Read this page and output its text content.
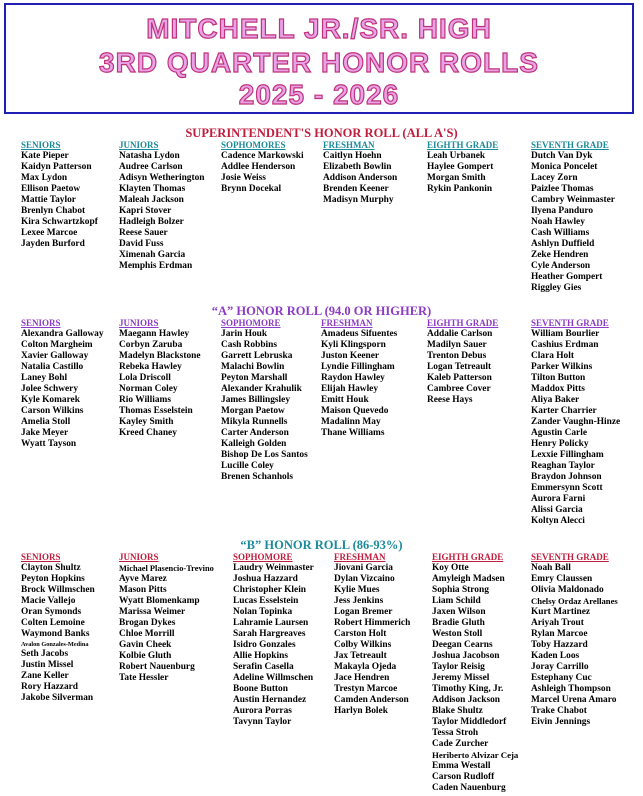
MITCHELL JR./SR. HIGH
3RD QUARTER HONOR ROLLS
2025 - 2026
SUPERINTENDENT'S HONOR ROLL (ALL A'S)
SENIORS
Kate Pieper
Kaidyn Patterson
Max Lydon
Ellison Paetow
Mattie Taylor
Brenlyn Chabot
Kira Schwartzkopf
Lexee Marcoe
Jayden Burford
JUNIORS
Natasha Lydon
Audree Carlson
Adisyn Wetherington
Klayten Thomas
Maleah Jackson
Kapri Stover
Hadleigh Bolzer
Reese Sauer
David Fuss
Ximenah Garcia
Memphis Erdman
SOPHOMORES
Cadence Markowski
Addlee Henderson
Josie Weiss
Brynn Docekal
FRESHMAN
Caitlyn Hoehn
Elizabeth Bowlin
Addison Anderson
Brenden Keener
Madisyn Murphy
EIGHTH GRADE
Leah Urbanek
Haylee Gompert
Morgan Smith
Rykin Pankonin
SEVENTH GRADE
Dutch Van Dyk
Monica Poncelet
Lacey Zorn
Paizlee Thomas
Cambry Weinmaster
Ilyena Panduro
Noah Hawley
Cash Williams
Ashlyn Duffield
Zeke Hendren
Cyle Anderson
Heather Gompert
Riggley Gies
“A” HONOR ROLL (94.0 OR HIGHER)
SENIORS
Alexandra Galloway
Colton Margheim
Xavier Galloway
Natalia Castillo
Laney Bohl
Jolee Schwery
Kyle Komarek
Carson Wilkins
Amelia Stoll
Jake Meyer
Wyatt Tayson
JUNIORS
Maegann Hawley
Corbyn Zaruba
Madelyn Blackstone
Rebeka Hawley
Lola Driscoll
Norman Coley
Rio Williams
Thomas Esselstein
Kayley Smith
Kreed Chaney
SOPHOMORE
Jarin Houk
Cash Robbins
Garrett Lebruska
Malachi Bowlin
Peyton Marshall
Alexander Krahulik
James Billingsley
Morgan Paetow
Mikyla Runnells
Carter Anderson
Kalleigh Golden
Bishop De Los Santos
Lucille Coley
Brenen Schanhols
FRESHMAN
Amadeus Sifuentes
Kyli Klingsporn
Juston Keener
Lyndie Fillingham
Raydon Hawley
Elijah Hawley
Emitt Houk
Maison Quevedo
Madalinn May
Thane Williams
EIGHTH GRADE
Addalie Carlson
Madilyn Sauer
Trenton Debus
Logan Tetreault
Kaleb Patterson
Cambree Cover
Reese Hays
SEVENTH GRADE
William Bourlier
Cashius Erdman
Clara Holt
Parker Wilkins
Tilton Button
Maddox Pitts
Aliya Baker
Karter Charrier
Zander Vaughn-Hinze
Agustin Carle
Henry Policky
Lexxie Fillingham
Reaghan Taylor
Braydon Johnson
Emmersynn Scott
Aurora Farni
Alissi Garcia
Koltyn Alecci
“B” HONOR ROLL (86-93%)
SENIORS
Clayton Shultz
Peyton Hopkins
Brock Willmschen
Macie Vallejo
Oran Symonds
Colten Lemoine
Waymond Banks
Avalon Gonzales-Medina
Seth Jacobs
Justin Missel
Zane Keller
Rory Hazzard
Jakobe Silverman
JUNIORS
Michael Plasencio-Trevino
Ayve Marez
Mason Pitts
Wyatt Blomenkamp
Marissa Weimer
Brogan Dykes
Chloe Morrill
Gavin Cheek
Kolbie Gluth
Robert Nauenburg
Tate Hessler
SOPHOMORE
Laudry Weinmaster
Joshua Hazzard
Christopher Klein
Lucas Esselstein
Nolan Topinka
Lahramie Laursen
Sarah Hargreaves
Isidro Gonzales
Allie Hopkins
Serafin Casella
Adeline Willmschen
Boone Button
Austin Hernandez
Aurora Porras
Tavynn Taylor
FRESHMAN
Jiovani Garcia
Dylan Vizcaino
Kylie Mues
Jess Jenkins
Logan Bremer
Robert Himmerich
Carston Holt
Colby Wilkins
Jax Tetreault
Makayla Ojeda
Jace Hendren
Trestyn Marcoe
Camden Anderson
Harlyn Bolek
EIGHTH GRADE
Koy Otte
Amyleigh Madsen
Sophia Strong
Liam Schild
Jaxen Wilson
Bradie Gluth
Weston Stoll
Deegan Cearns
Joshua Jacobson
Taylor Reisig
Jeremy Missel
Timothy King, Jr.
Addison Jackson
Blake Shultz
Taylor Middledorf
Tessa Stroh
Cade Zurcher
Heriberto Alvizar Ceja
Emma Westall
Carson Rudloff
Caden Nauenburg
SEVENTH GRADE
Noah Ball
Emry Claussen
Olivia Maldonado
Chelsy Ordaz Arellanes
Kurt Martinez
Ariyah Trout
Rylan Marcoe
Toby Hazzard
Kaden Loos
Joray Carrillo
Estephany Cuc
Ashleigh Thompson
Marcel Urena Amaro
Trake Chabot
Eivin Jennings
